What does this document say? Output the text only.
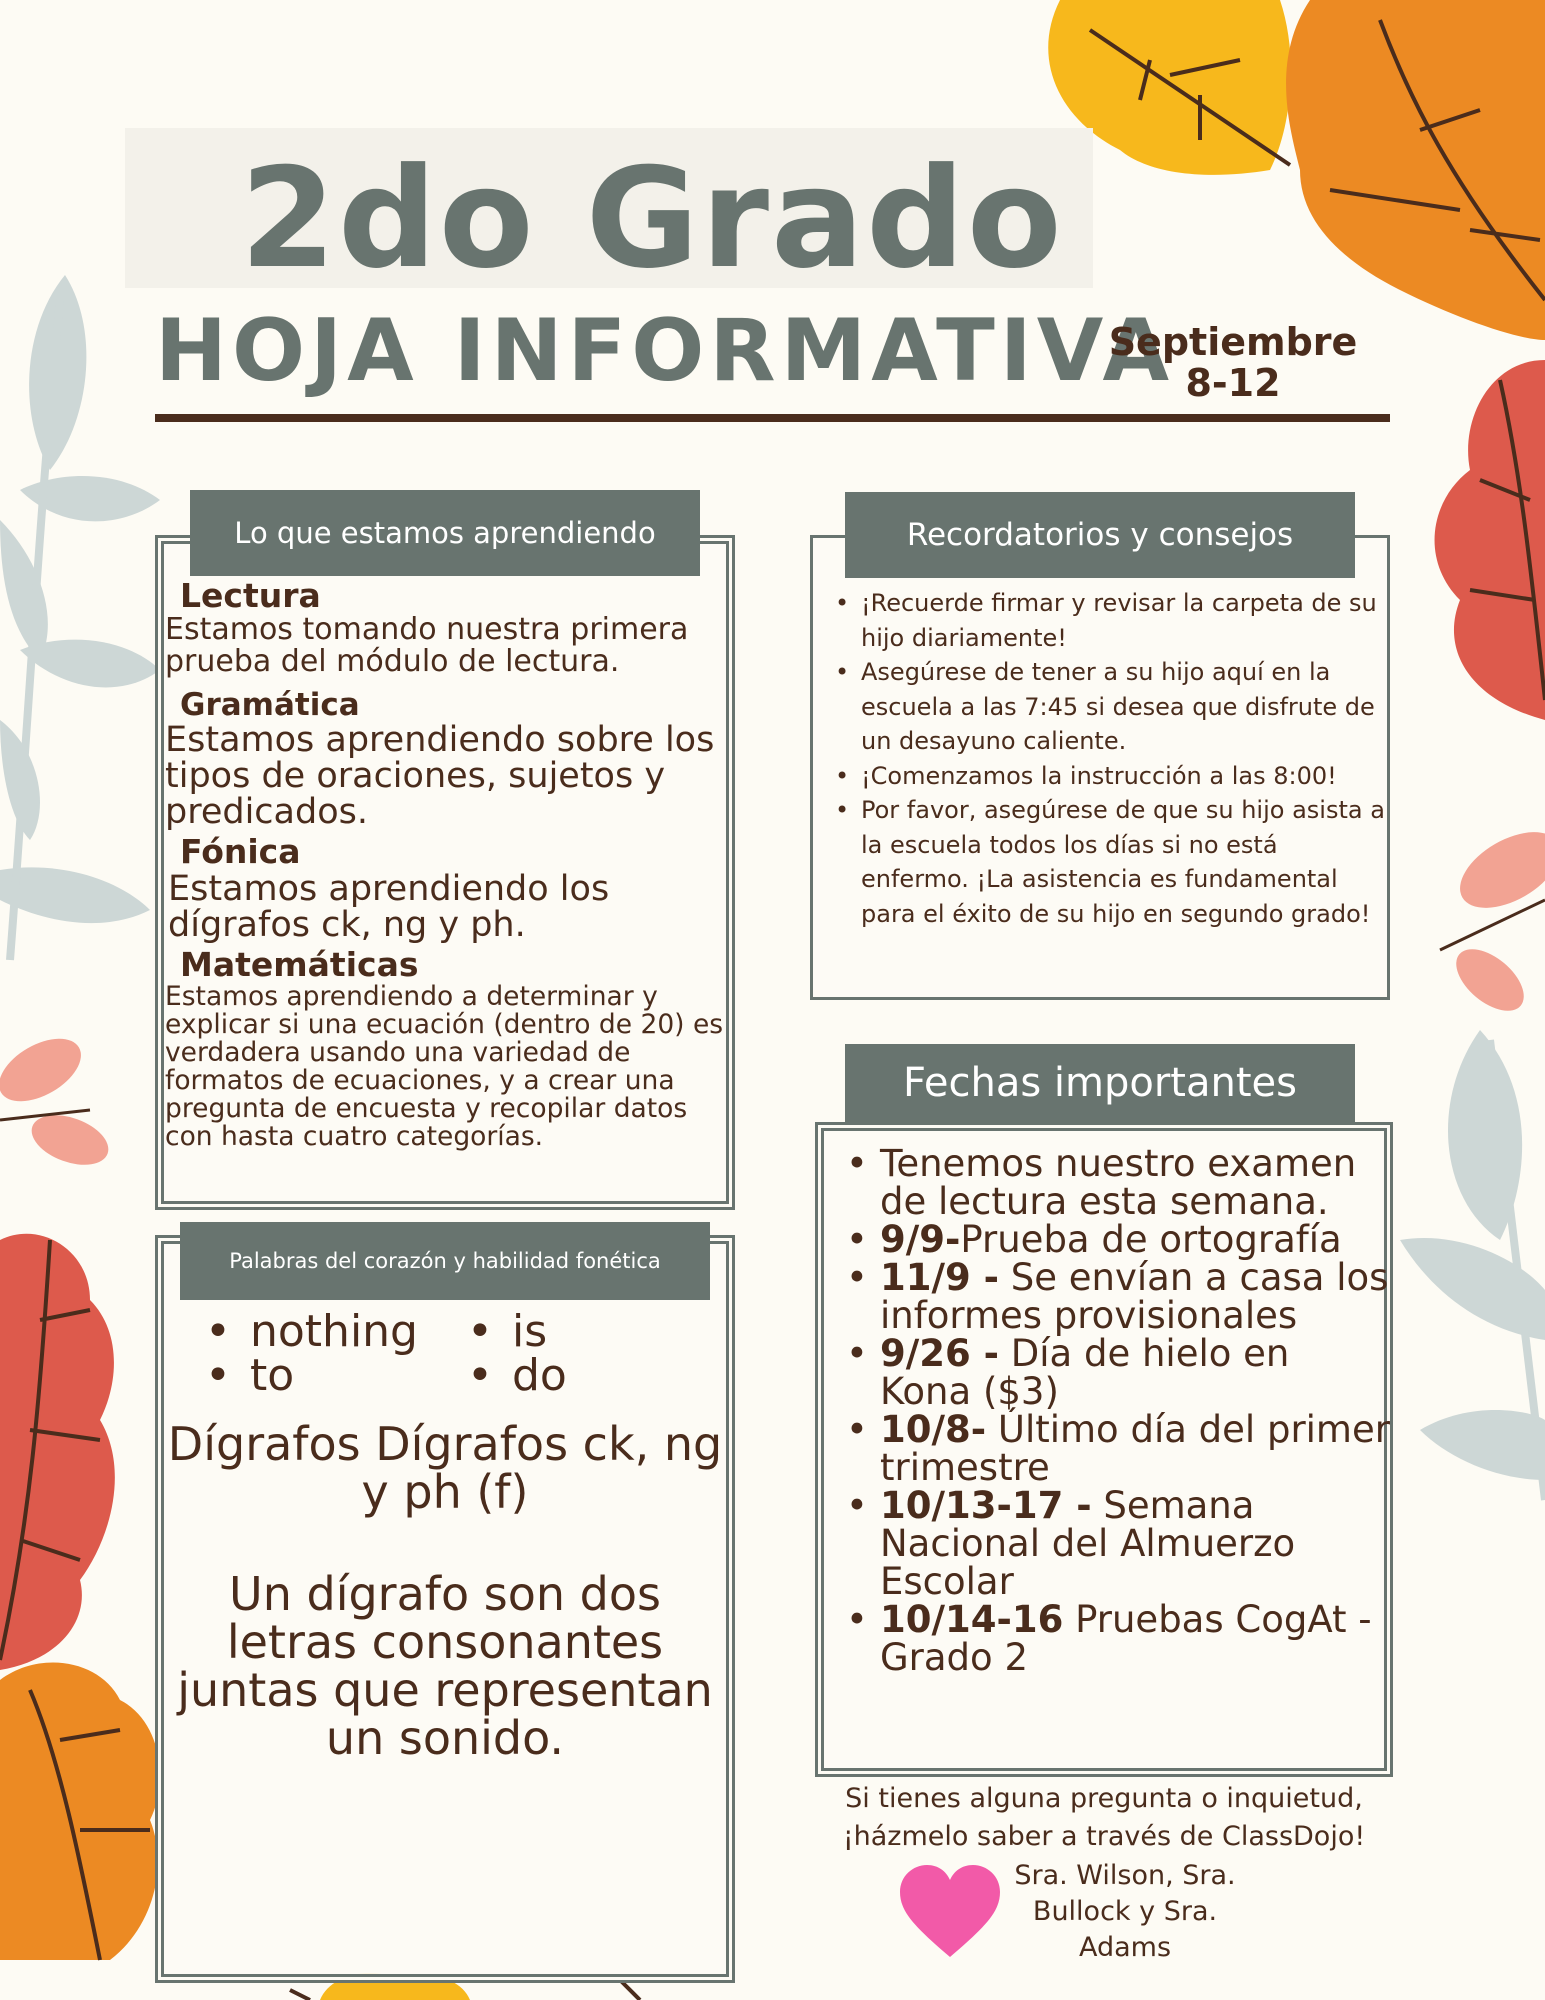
2do Grado
HOJA INFORMATIVA
Septiembre
8-12
Lo que estamos aprendiendo
Lectura

Estamos tomando nuestra primera prueba del módulo de lectura.

Gramática

Estamos aprendiendo sobre los tipos de oraciones, sujetos y predicados.

Fónica

Estamos aprendiendo los dígrafos ck, ng y ph.

Matemáticas

Estamos aprendiendo a determinar y explicar si una ecuación (dentro de 20) es verdadera usando una variedad de formatos de ecuaciones, y a crear una pregunta de encuesta y recopilar datos con hasta cuatro categorías.

• ¡Recuerde firmar y revisar la carpeta de su hijo diariamente!
• Asegúrese de tener a su hijo aquí en la escuela a las 7:45 si desea que disfrute de un desayuno caliente.
• ¡Comenzamos la instrucción a las 8:00!
• Por favor, asegúrese de que su hijo asista a la escuela todos los días si no está enfermo. ¡La asistencia es fundamental para el éxito de su hijo en segundo grado!
Recordatorios y consejos
Palabras del corazón y habilidad fonética
• nothing
• to
• is
• do
Dígrafos Dígrafos ck, ng y ph (f)
Un dígrafo son dos letras consonantes juntas que representan un sonido.
• Tenemos nuestro examen de lectura esta semana.
• 9/9-Prueba de ortografía
• 11/9 - Se envían a casa los informes provisionales
• 9/26 - Día de hielo en Kona ($3)
• 10/8- Último día del primer trimestre
• 10/13-17 - Semana Nacional del Almuerzo Escolar
• 10/14-16 Pruebas CogAt - Grado 2
Fechas importantes
Si tienes alguna pregunta o inquietud, ¡házmelo saber a través de ClassDojo!
Sra. Wilson, Sra. Bullock y Sra. Adams
